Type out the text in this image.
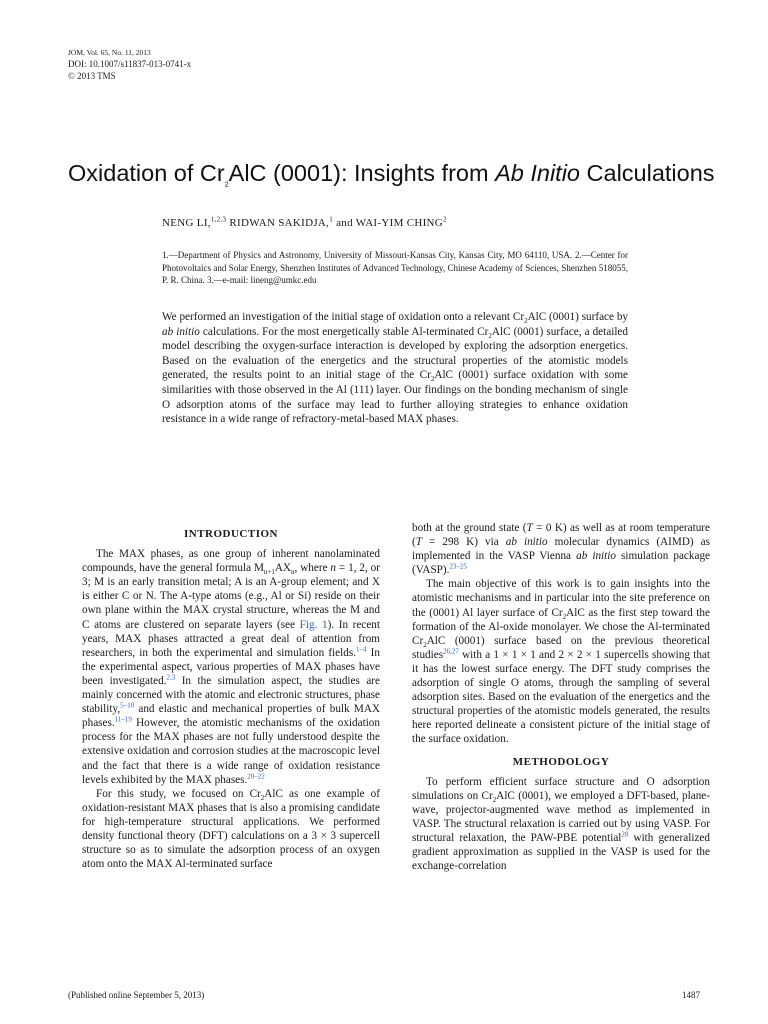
JOM, Vol. 65, No. 11, 2013
DOI: 10.1007/s11837-013-0741-x
© 2013 TMS
Oxidation of $Cr_2AlC$ (0001): Insights from Ab Initio Calculations
NENG LI,$^{1,2,3}$ RIDWAN SAKIDJA,$^1$ and WAI-YIM CHING$^2$
1.—Department of Physics and Astronomy, University of Missouri-Kansas City, Kansas City, MO 64110, USA. 2.—Center for Photovoltaics and Solar Energy, Shenzhen Institutes of Advanced Technology, Chinese Academy of Sciences, Shenzhen 518055, P. R. China. 3.—e-mail: lineng@umkc.edu
We performed an investigation of the initial stage of oxidation onto a relevant $Cr_2AlC$ (0001) surface by ab initio calculations. For the most energetically stable Al-terminated $Cr_2AlC$ (0001) surface, a detailed model describing the oxygen-surface interaction is developed by exploring the adsorption energetics. Based on the evaluation of the energetics and the structural properties of the atomistic models generated, the results point to an initial stage of the $Cr_2AlC$ (0001) surface oxidation with some similarities with those observed in the Al (111) layer. Our findings on the bonding mechanism of single O adsorption atoms of the surface may lead to further alloying strategies to enhance oxidation resistance in a wide range of refractory-metal-based MAX phases.
INTRODUCTION

The MAX phases, as one group of inherent nanolaminated compounds, have the general formula $M_{n+1}AX_n$, where n = 1, 2, or 3; M is an early transition metal; A is an A-group element; and X is either C or N. The A-type atoms (e.g., Al or Si) reside on their own plane within the MAX crystal structure, whereas the M and C atoms are clustered on separate layers (see Fig. 1). In recent years, MAX phases attracted a great deal of attention from researchers, in both the experimental and simulation fields.$^{1-4}$ In the experimental aspect, various properties of MAX phases have been investigated.$^{2,3}$ In the simulation aspect, the studies are mainly concerned with the atomic and electronic structures, phase stability,$^{5-10}$ and elastic and mechanical properties of bulk MAX phases.$^{11-19}$ However, the atomistic mechanisms of the oxidation process for the MAX phases are not fully understood despite the extensive oxidation and corrosion studies at the macroscopic level and the fact that there is a wide range of oxidation resistance levels exhibited by the MAX phases.$^{20-22}$

For this study, we focused on $Cr_2AlC$ as one example of oxidation-resistant MAX phases that is also a promising candidate for high-temperature structural applications. We performed density functional theory (DFT) calculations on a 3 × 3 supercell structure so as to simulate the adsorption process of an oxygen atom onto the MAX Al-terminated surface

both at the ground state (T = 0 K) as well as at room temperature (T = 298 K) via ab initio molecular dynamics (AIMD) as implemented in the VASP Vienna ab initio simulation package (VASP).$^{23-25}$

The main objective of this work is to gain insights into the atomistic mechanisms and in particular into the site preference on the (0001) Al layer surface of $Cr_2AlC$ as the first step toward the formation of the Al-oxide monolayer. We chose the Al-terminated $Cr_2AlC$ (0001) surface based on the previous theoretical studies$^{26,27}$ with a 1 × 1 × 1 and 2 × 2 × 1 supercells showing that it has the lowest surface energy. The DFT study comprises the adsorption of single O atoms, through the sampling of several adsorption sites. Based on the evaluation of the energetics and the structural properties of the atomistic models generated, the results here reported delineate a consistent picture of the initial stage of the surface oxidation.

METHODOLOGY

To perform efficient surface structure and O adsorption simulations on $Cr_2AlC$ (0001), we employed a DFT-based, plane-wave, projector-augmented wave method as implemented in VASP. The structural relaxation is carried out by using VASP. For structural relaxation, the PAW-PBE potential$^{28}$ with generalized gradient approximation as supplied in the VASP is used for the exchange-correlation

(Published online September 5, 2013)	1487
